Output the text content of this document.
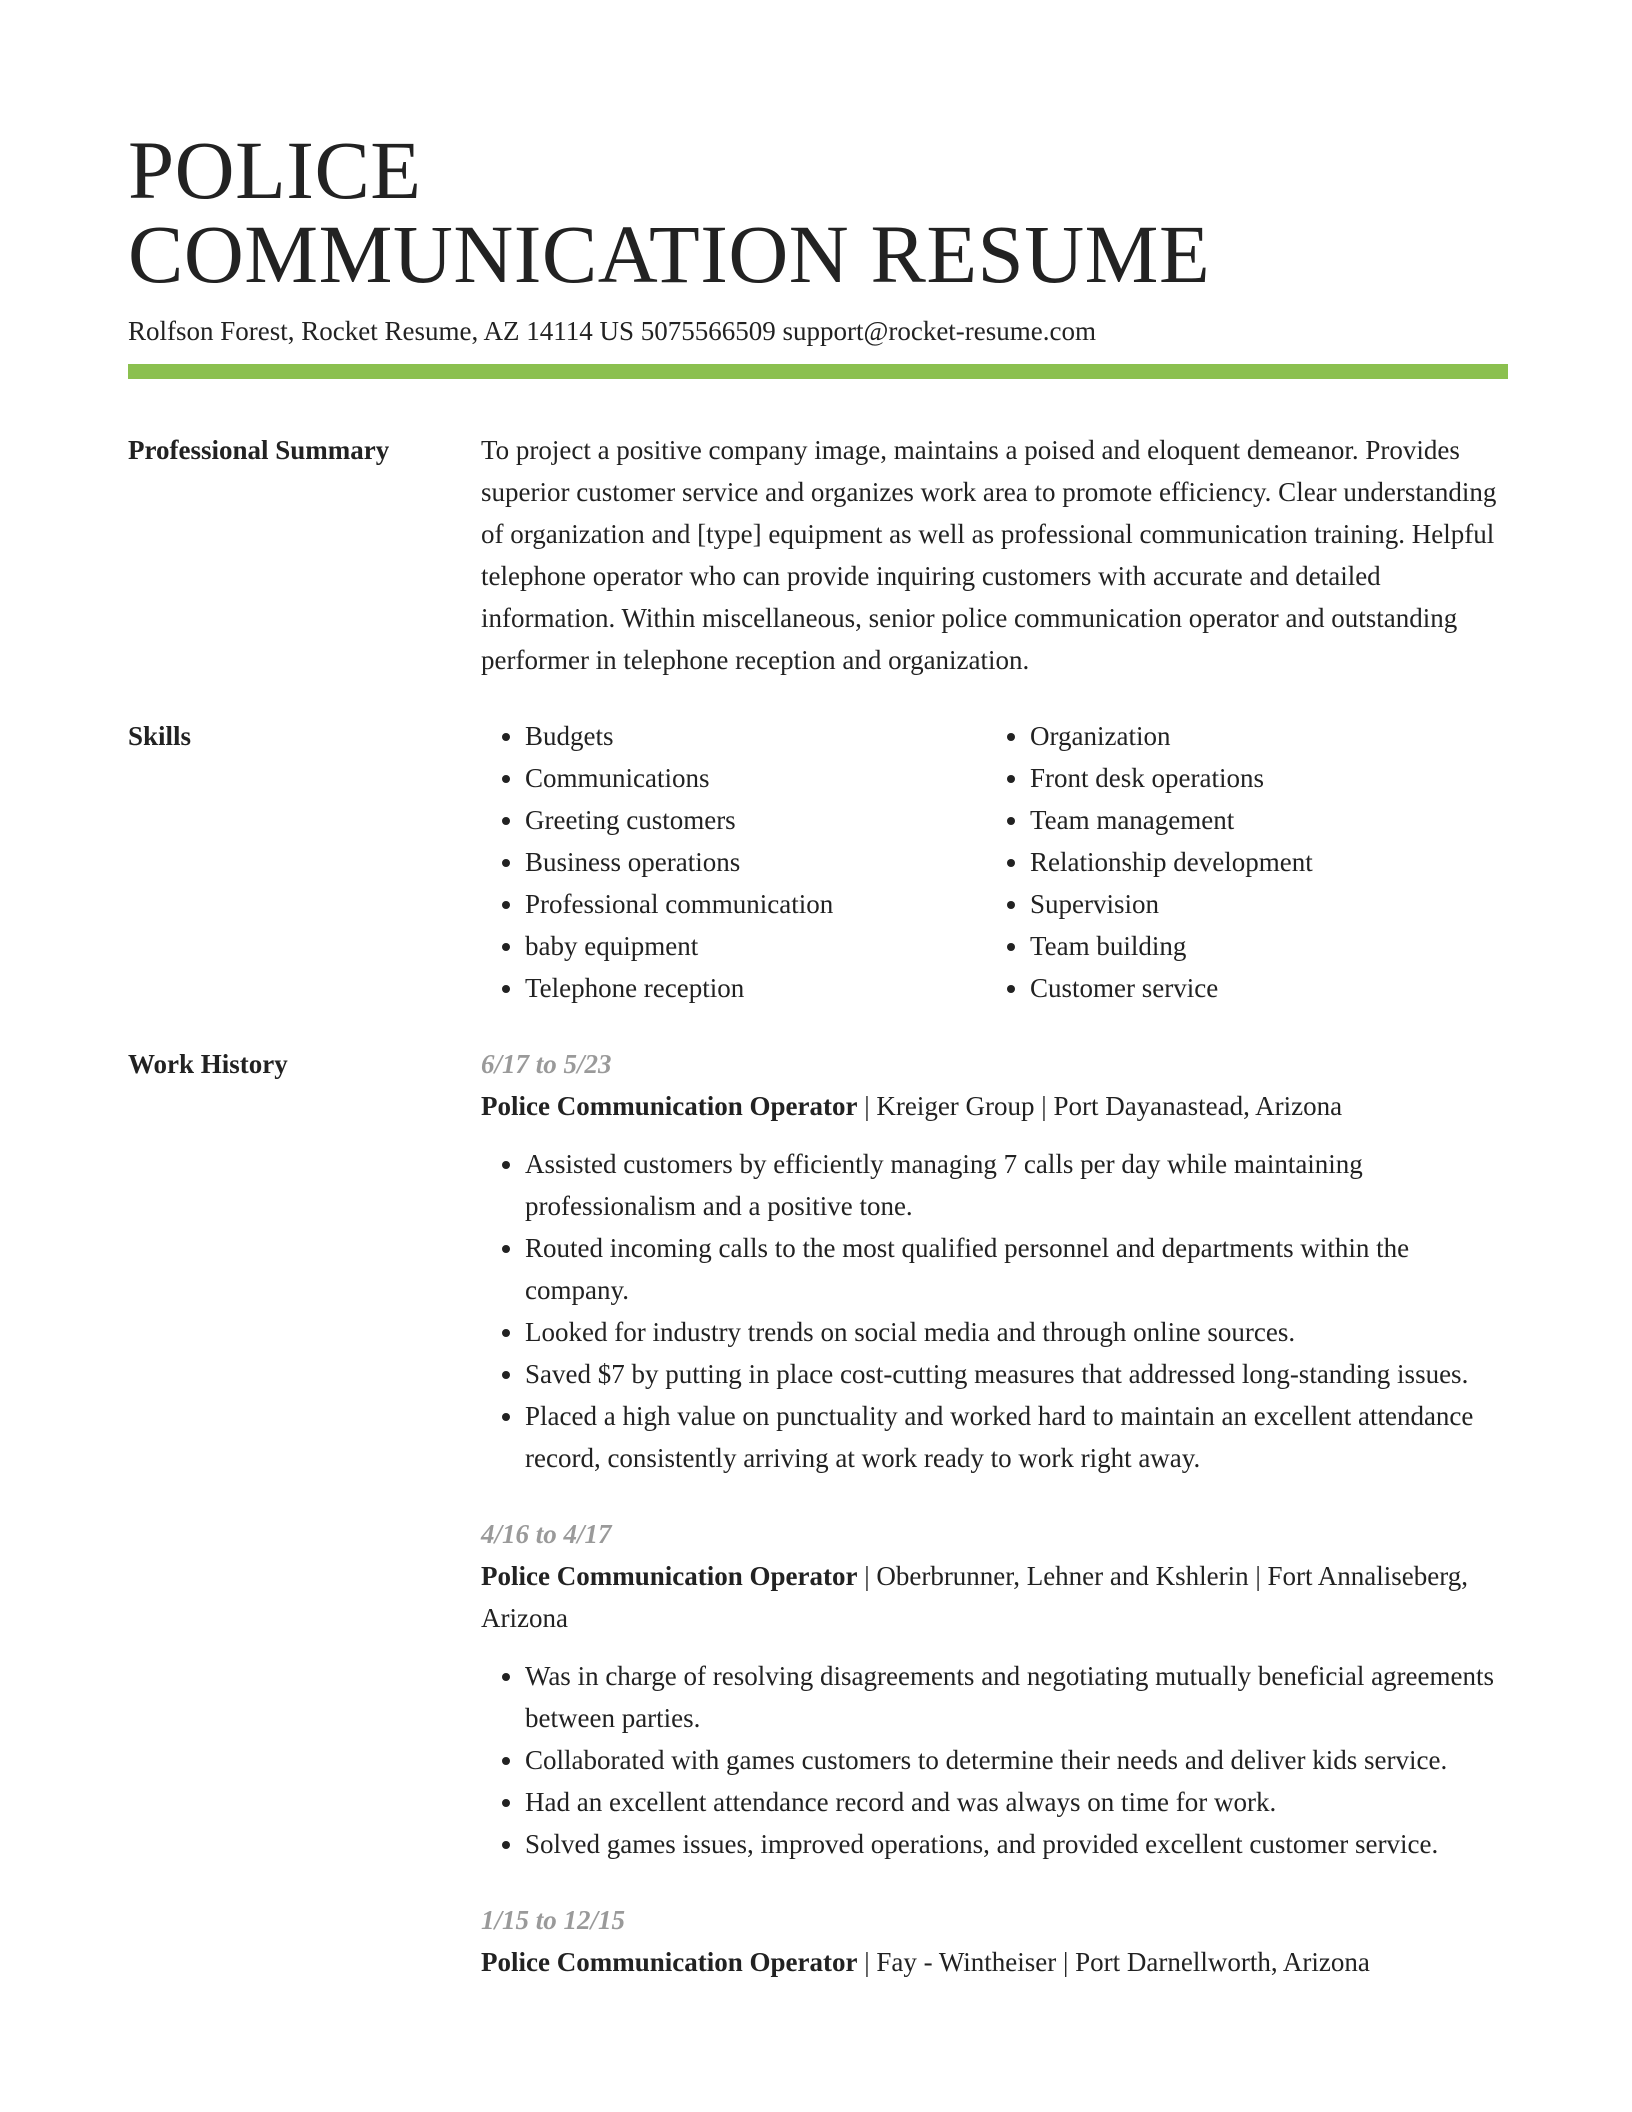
POLICE
COMMUNICATION RESUME
Rolfson Forest, Rocket Resume, AZ 14114 US 5075566509 support@rocket-resume.com
Professional Summary	To project a positive company image, maintains a poised and eloquent demeanor. Provides superior customer service and organizes work area to promote efficiency. Clear understanding of organization and [type] equipment as well as professional communication training. Helpful telephone operator who can provide inquiring customers with accurate and detailed information. Within miscellaneous, senior police communication operator and outstanding performer in telephone reception and organization.

Skills
•	Budgets
• Communications
• Greeting customers
• Business operations
• Professional communication
• baby equipment
• Telephone reception
• Organization
• Front desk operations
• Team management
• Relationship development
• Supervision
• Team building
• Customer service
Work History	6/17 to 5/23
Police Communication Operator | Kreiger Group | Port Dayanastead, Arizona
• Assisted customers by efficiently managing 7 calls per day while maintaining professionalism and a positive tone.
• Routed incoming calls to the most qualified personnel and departments within the company.
• Looked for industry trends on social media and through online sources.
• Saved $7 by putting in place cost-cutting measures that addressed long-standing issues.
• Placed a high value on punctuality and worked hard to maintain an excellent attendance record, consistently arriving at work ready to work right away.
4/16 to 4/17
Police Communication Operator | Oberbrunner, Lehner and Kshlerin | Fort Annaliseberg, Arizona
• Was in charge of resolving disagreements and negotiating mutually beneficial agreements between parties.
• Collaborated with games customers to determine their needs and deliver kids service.
• Had an excellent attendance record and was always on time for work.
• Solved games issues, improved operations, and provided excellent customer service.
1/15 to 12/15
Police Communication Operator | Fay - Wintheiser | Port Darnellworth, Arizona
